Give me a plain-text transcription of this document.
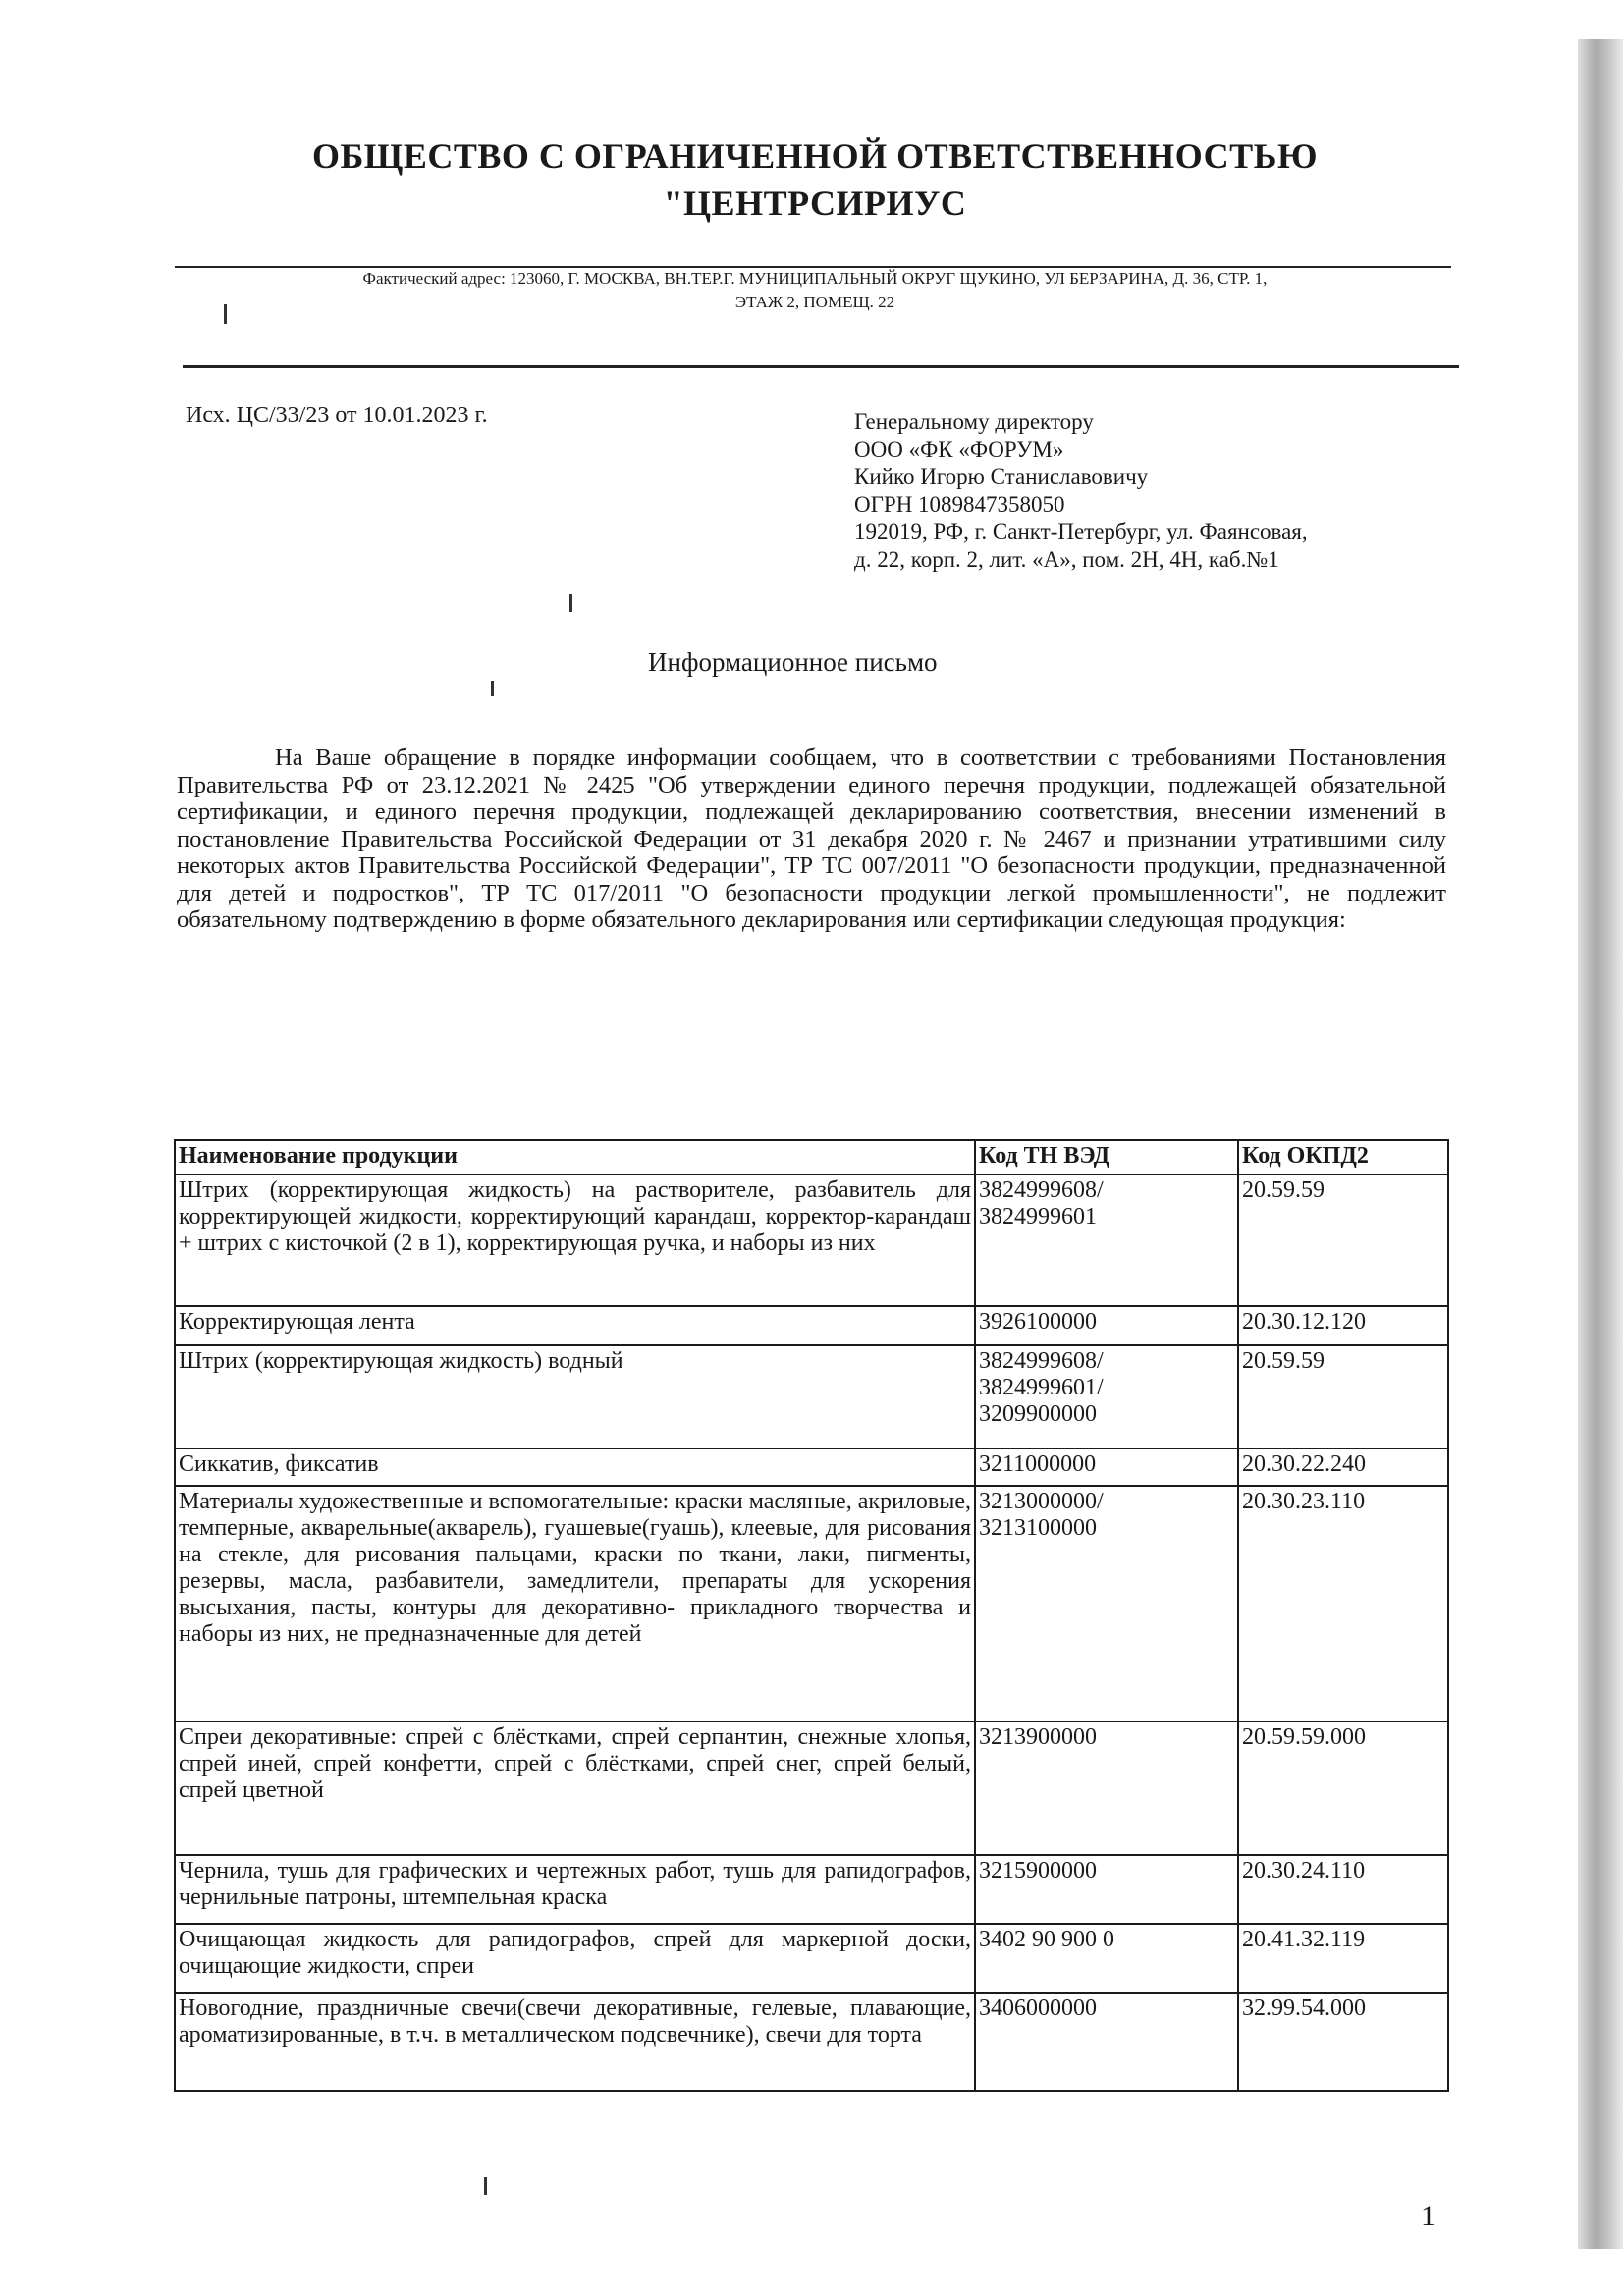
ОБЩЕСТВО С ОГРАНИЧЕННОЙ ОТВЕТСТВЕННОСТЬЮ
"ЦЕНТРСИРИУС
Фактический адрес: 123060, Г. МОСКВА, ВН.ТЕР.Г. МУНИЦИПАЛЬНЫЙ ОКРУГ ЩУКИНО, УЛ БЕРЗАРИНА, Д. 36, СТР. 1,
ЭТАЖ 2, ПОМЕЩ. 22
Исх. ЦС/33/23 от 10.01.2023 г.	Генеральному директору
ООО «ФК «ФОРУМ»
Кийко Игорю Станиславовичу
ОГРН 1089847358050
192019, РФ, г. Санкт-Петербург, ул. Фаянсовая,
д. 22, корп. 2, лит. «А», пом. 2Н, 4Н, каб.№1
Информационное письмо

На Ваше обращение в порядке информации сообщаем, что в соответствии с требованиями Постановления Правительства РФ от 23.12.2021 № 2425 "Об утверждении единого перечня продукции, подлежащей обязательной сертификации, и единого перечня продукции, подлежащей декларированию соответствия, внесении изменений в постановление Правительства Российской Федерации от 31 декабря 2020 г. № 2467 и признании утратившими силу некоторых актов Правительства Российской Федерации", ТР ТС 007/2011 "О безопасности продукции, предназначенной для детей и подростков", ТР ТС 017/2011 "О безопасности продукции легкой промышленности", не подлежит обязательному подтверждению в форме обязательного декларирования или сертификации следующая продукция:

Наименование продукции	Код ТН ВЭД	Код ОКПД2
Штрих (корректирующая жидкость) на растворителе, разбавитель для корректирующей жидкости, корректирующий карандаш, корректор-карандаш + штрих с кисточкой (2 в 1), корректирующая ручка, и наборы из них	3824999608/
3824999601	20.59.59
Корректирующая лента	3926100000	20.30.12.120
Штрих (корректирующая жидкость) водный	3824999608/
3824999601/
3209900000	20.59.59
Сиккатив, фиксатив	3211000000	20.30.22.240
Материалы художественные и вспомогательные: краски масляные, акриловые, темперные, акварельные(акварель), гуашевые(гуашь), клеевые, для рисования на стекле, для рисования пальцами, краски по ткани, лаки, пигменты, резервы, масла, разбавители, замедлители, препараты для ускорения высыхания, пасты, контуры для декоративно- прикладного творчества и наборы из них, не предназначенные для детей	3213000000/
3213100000	20.30.23.110
Спреи декоративные: спрей с блёстками, спрей серпантин, снежные хлопья, спрей иней, спрей конфетти, спрей с блёстками, спрей снег, спрей белый, спрей цветной	3213900000	20.59.59.000
Чернила, тушь для графических и чертежных работ, тушь для рапидографов, чернильные патроны, штемпельная краска	3215900000	20.30.24.110
Очищающая жидкость для рапидографов, спрей для маркерной доски, очищающие жидкости, спреи	3402 90 900 0	20.41.32.119
Новогодние, праздничные свечи(свечи декоративные, гелевые, плавающие, ароматизированные, в т.ч. в металлическом подсвечнике), свечи для торта	3406000000	32.99.54.000
1
